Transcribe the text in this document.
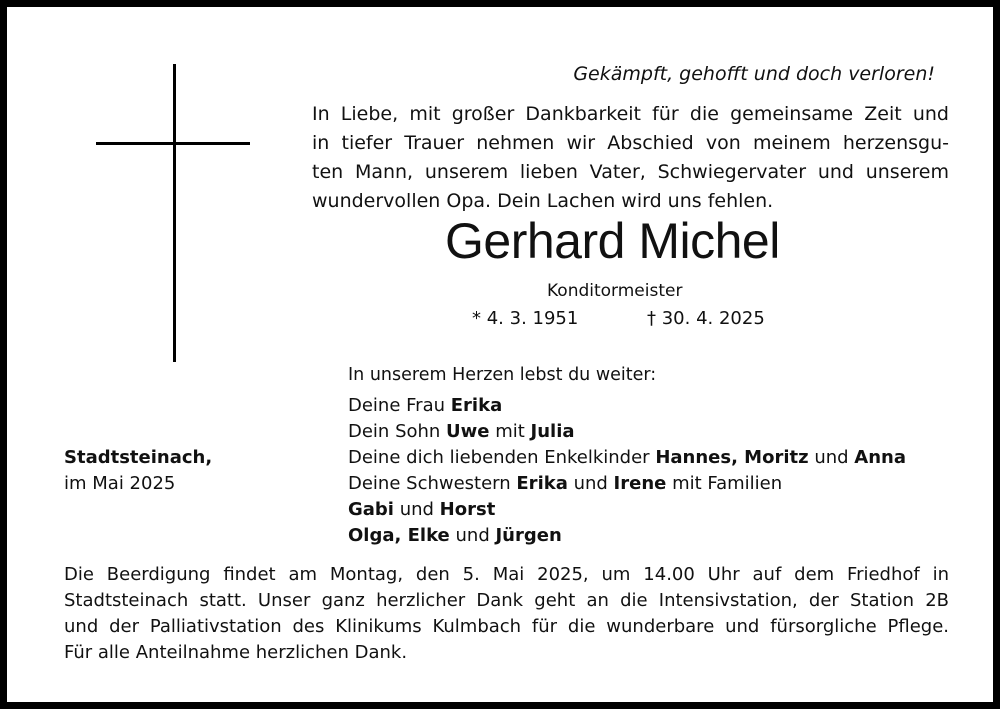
Gekämpft, gehofft und doch verloren!
In Liebe, mit großer Dankbarkeit für die gemeinsame Zeit und
in tiefer Trauer nehmen wir Abschied von meinem herzensgu-
ten Mann, unserem lieben Vater, Schwiegervater und unserem
wundervollen Opa. Dein Lachen wird uns fehlen.
Gerhard Michel
Konditormeister
* 4. 3. 1951	† 30. 4. 2025
In unserem Herzen lebst du weiter:
Deine Frau Erika
Dein Sohn Uwe mit Julia
Deine dich liebenden Enkelkinder Hannes, Moritz und Anna
Deine Schwestern Erika und Irene mit Familien
Gabi und Horst
Olga, Elke und Jürgen
Stadtsteinach,
im Mai 2025
Die Beerdigung findet am Montag, den 5. Mai 2025, um 14.00 Uhr auf dem Friedhof in
Stadtsteinach statt. Unser ganz herzlicher Dank geht an die Intensivstation, der Station 2B
und der Palliativstation des Klinikums Kulmbach für die wunderbare und fürsorgliche Pflege.
Für alle Anteilnahme herzlichen Dank.
